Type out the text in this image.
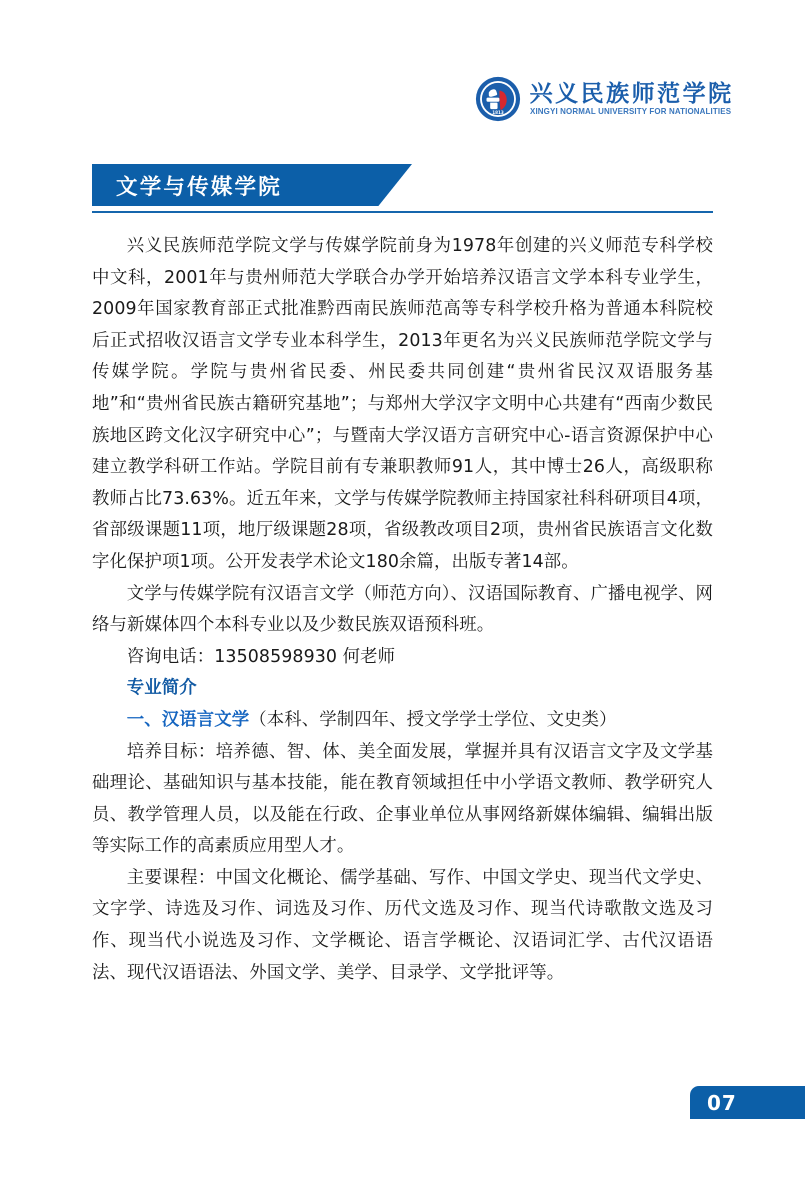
1813
兴义民族师范学院
XINGYI NORMAL UNIVERSITY FOR NATIONALITIES
文学与传媒学院

兴义民族师范学院文学与传媒学院前身为1978年创建的兴义师范专科学校中文科，2001年与贵州师范大学联合办学开始培养汉语言文学本科专业学生，2009年国家教育部正式批准黔西南民族师范高等专科学校升格为普通本科院校后正式招收汉语言文学专业本科学生，2013年更名为兴义民族师范学院文学与传媒学院。学院与贵州省民委、州民委共同创建“贵州省民汉双语服务基地”和“贵州省民族古籍研究基地”；与郑州大学汉字文明中心共建有“西南少数民族地区跨文化汉字研究中心”；与暨南大学汉语方言研究中心-语言资源保护中心建立教学科研工作站。学院目前有专兼职教师91人，其中博士26人，高级职称教师占比73.63%。近五年来，文学与传媒学院教师主持国家社科科研项目4项，省部级课题11项，地厅级课题28项，省级教改项目2项，贵州省民族语言文化数字化保护项1项。公开发表学术论文180余篇，出版专著14部。

文学与传媒学院有汉语言文学（师范方向）、汉语国际教育、广播电视学、网络与新媒体四个本科专业以及少数民族双语预科班。

咨询电话：13508598930 何老师

专业简介

一、汉语言文学（本科、学制四年、授文学学士学位、文史类）

培养目标：培养德、智、体、美全面发展，掌握并具有汉语言文字及文学基础理论、基础知识与基本技能，能在教育领域担任中小学语文教师、教学研究人员、教学管理人员，以及能在行政、企事业单位从事网络新媒体编辑、编辑出版等实际工作的高素质应用型人才。

主要课程：中国文化概论、儒学基础、写作、中国文学史、现当代文学史、文字学、诗选及习作、词选及习作、历代文选及习作、现当代诗歌散文选及习作、现当代小说选及习作、文学概论、语言学概论、汉语词汇学、古代汉语语法、现代汉语语法、外国文学、美学、目录学、文学批评等。

07
